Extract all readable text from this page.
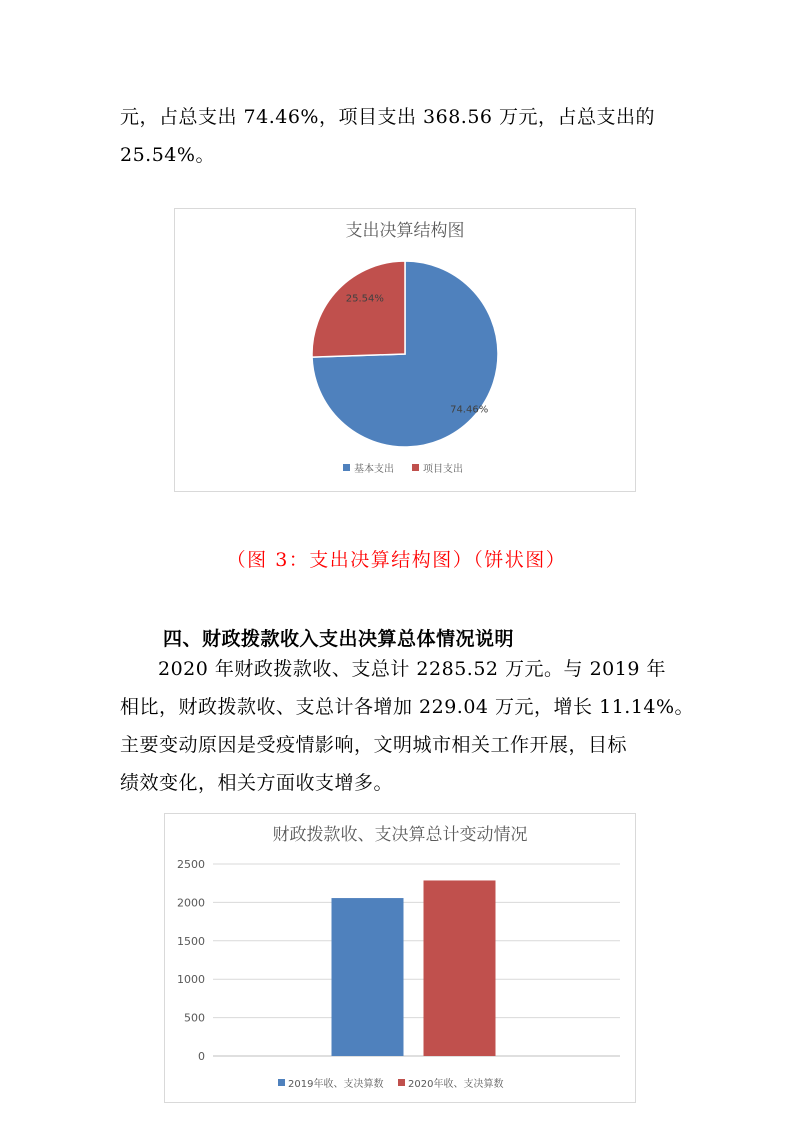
元，占总支出 74.46%，项目支出 368.56 万元，占总支出的
25.54%。
支出决算结构图
74.46%
25.54%
基本支出	项目支出
（图 3：支出决算结构图）（饼状图）
四、财政拨款收入支出决算总体情况说明
2020 年财政拨款收、支总计 2285.52 万元。与 2019 年
相比，财政拨款收、支总计各增加 229.04 万元，增长 11.14%。
主要变动原因是受疫情影响，文明城市相关工作开展，目标
绩效变化，相关方面收支增多。
财政拨款收、支决算总计变动情况
0
500
1000
1500
2000
2500
2019年收、支决算数 2020年收、支决算数
